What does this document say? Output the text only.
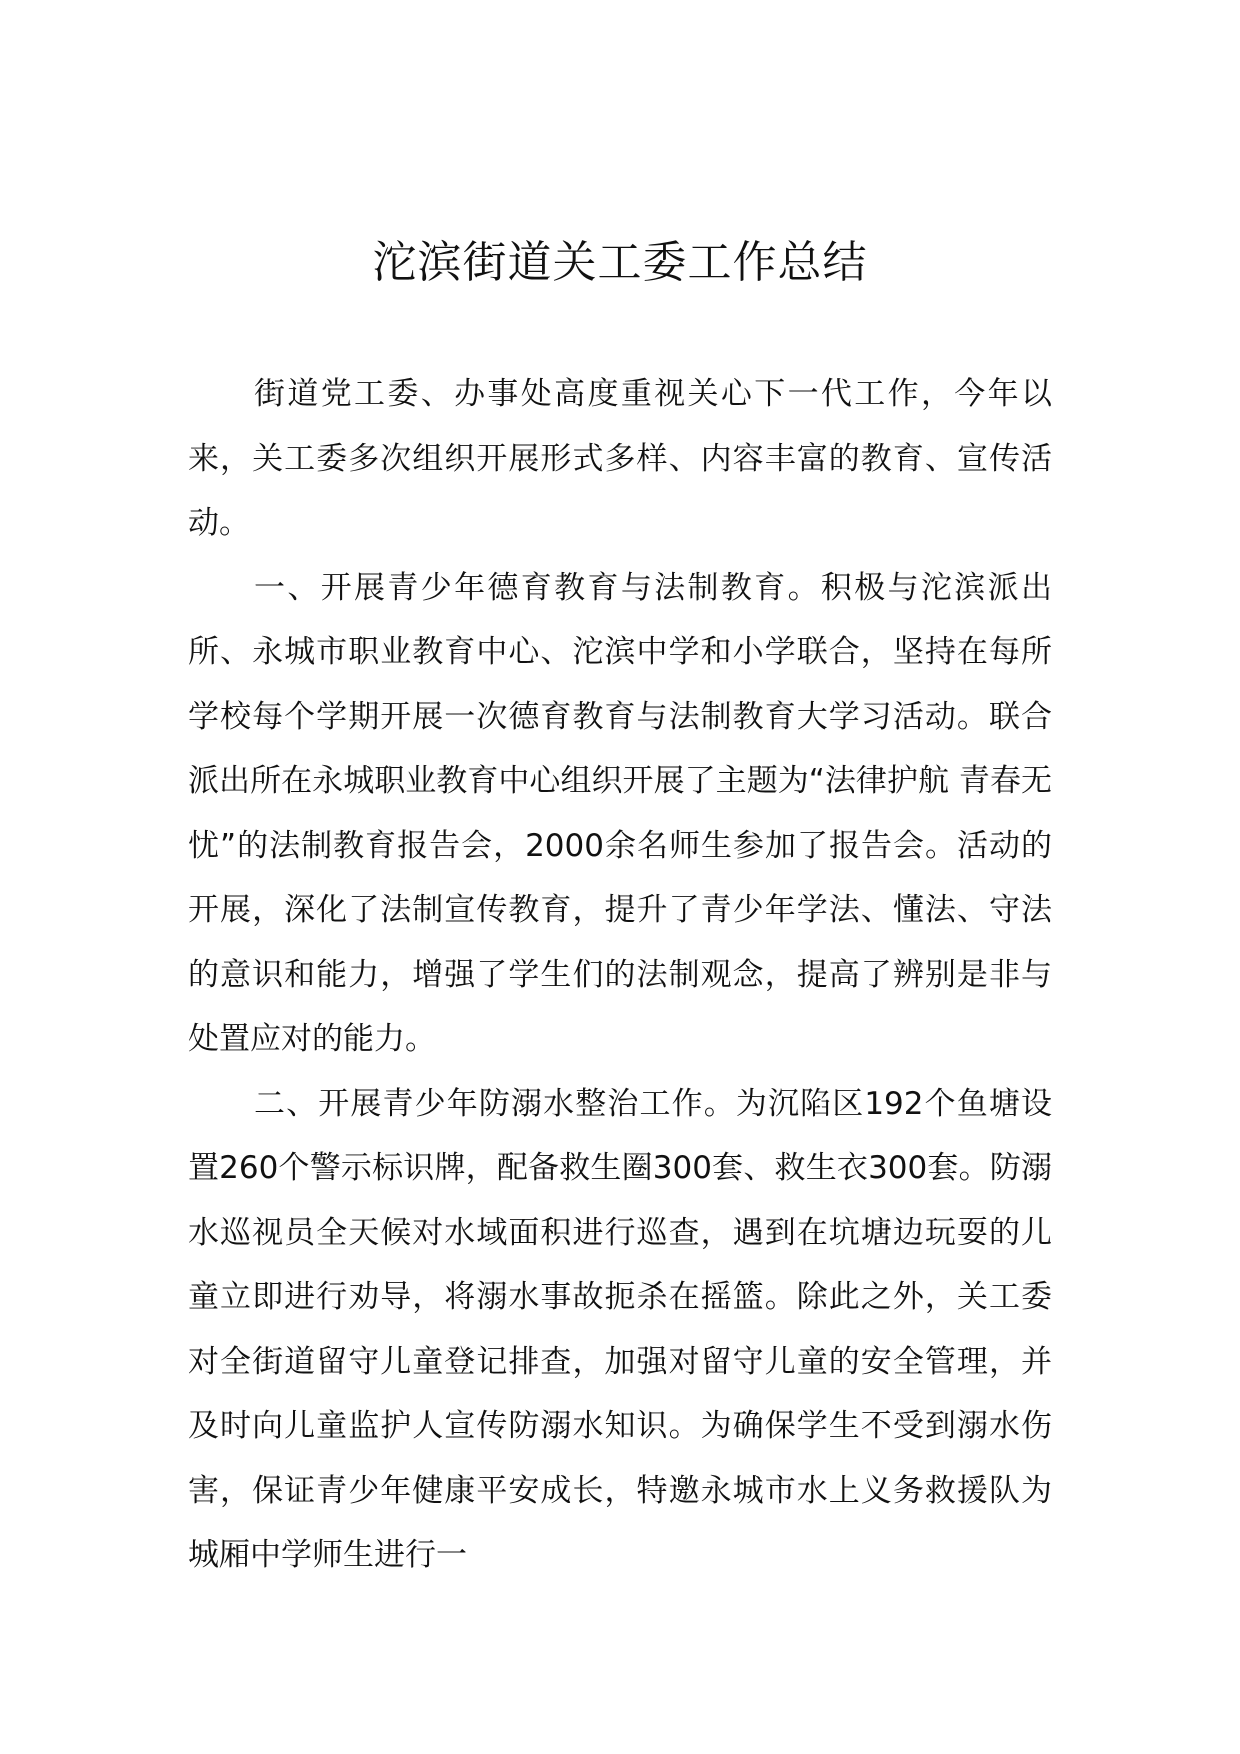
沱滨街道关工委工作总结

街道党工委、办事处高度重视关心下一代工作，今年以来，关工委多次组织开展形式多样、内容丰富的教育、宣传活动。

一、开展青少年德育教育与法制教育。积极与沱滨派出所、永城市职业教育中心、沱滨中学和小学联合，坚持在每所学校每个学期开展一次德育教育与法制教育大学习活动。联合派出所在永城职业教育中心组织开展了主题为“法律护航 青春无忧”的法制教育报告会，2000余名师生参加了报告会。活动的开展，深化了法制宣传教育，提升了青少年学法、懂法、守法的意识和能力，增强了学生们的法制观念，提高了辨别是非与处置应对的能力。

二、开展青少年防溺水整治工作。为沉陷区192个鱼塘设置260个警示标识牌，配备救生圈300套、救生衣300套。防溺水巡视员全天候对水域面积进行巡查，遇到在坑塘边玩耍的儿童立即进行劝导，将溺水事故扼杀在摇篮。除此之外，关工委对全街道留守儿童登记排查，加强对留守儿童的安全管理，并及时向儿童监护人宣传防溺水知识。为确保学生不受到溺水伤害，保证青少年健康平安成长，特邀永城市水上义务救援队为城厢中学师生进行一
